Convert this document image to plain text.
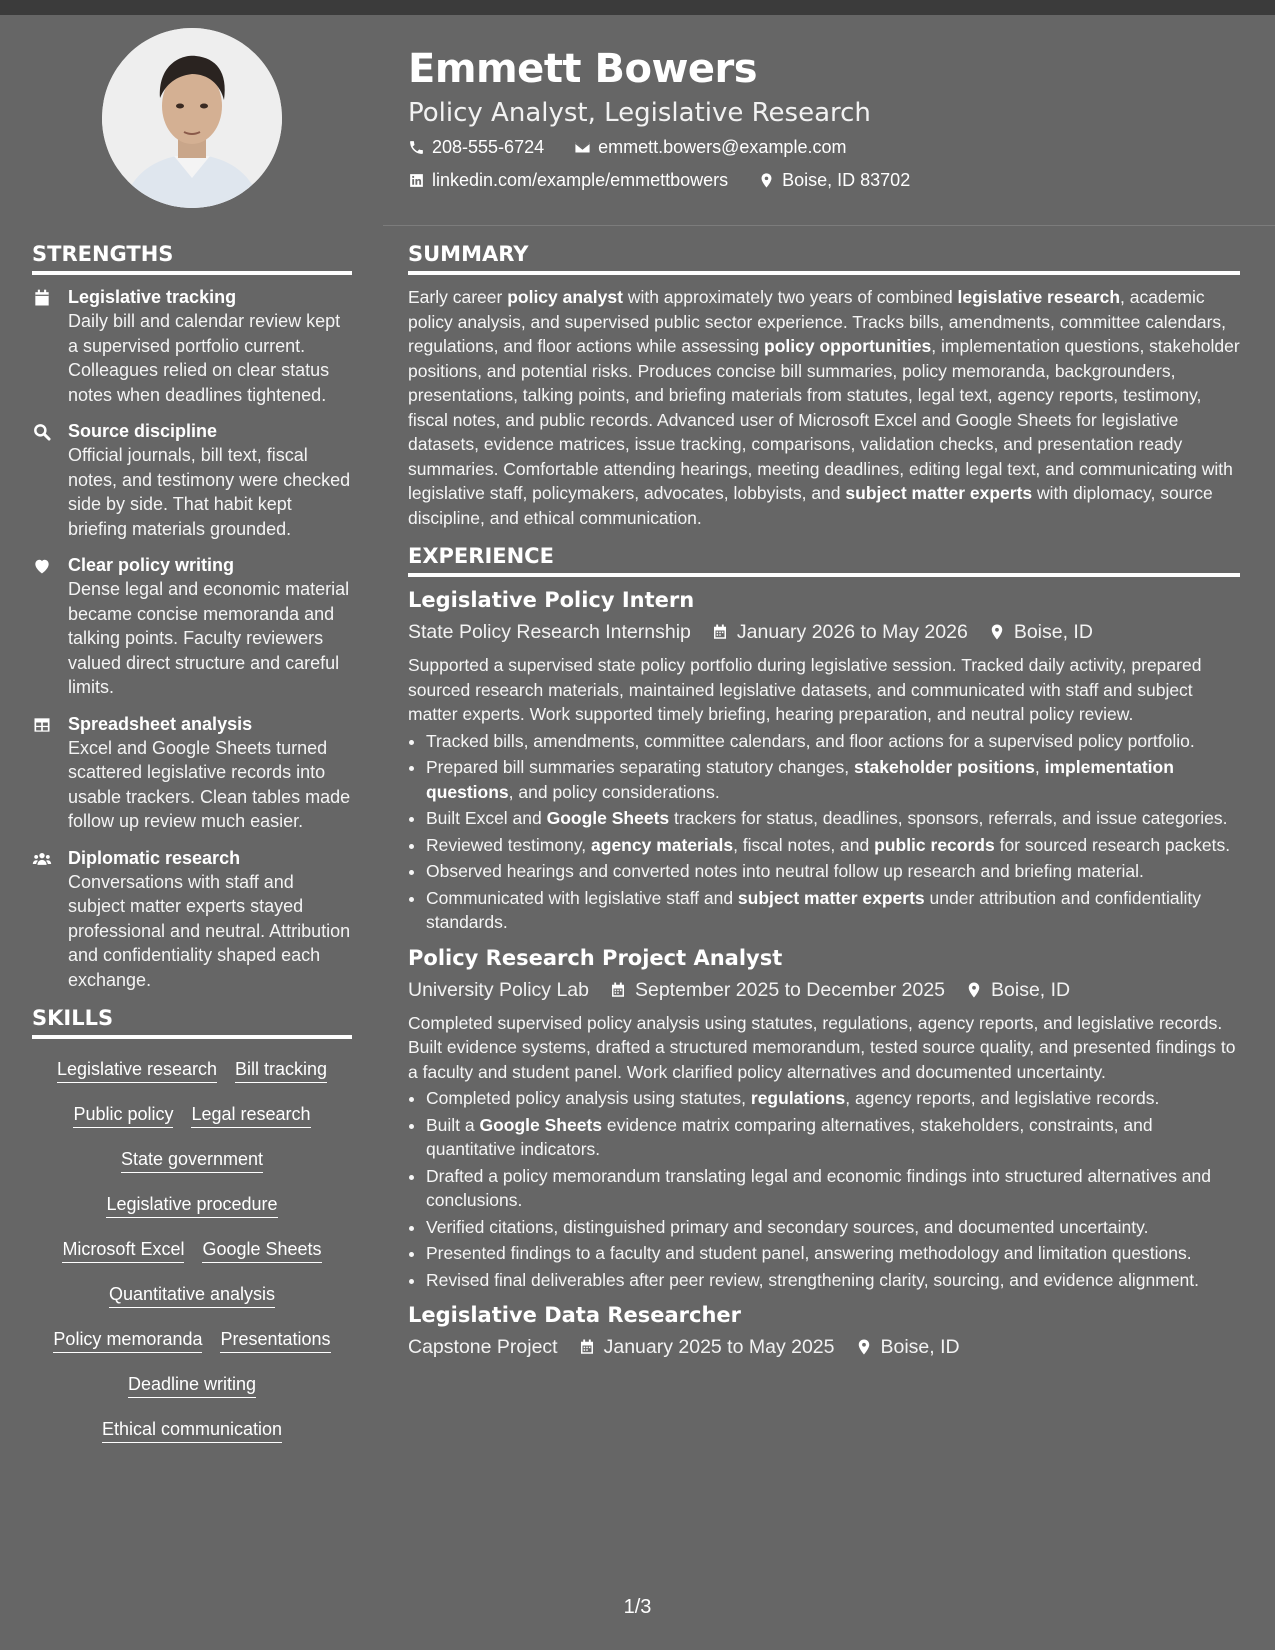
Emmett Bowers
Policy Analyst, Legislative Research
208-555-6724	emmett.bowers@example.com
linkedin.com/example/emmettbowers	Boise, ID 83702
STRENGTHS
Legislative tracking
Daily bill and calendar review kept a supervised portfolio current. Colleagues relied on clear status notes when deadlines tightened.
Source discipline
Official journals, bill text, fiscal notes, and testimony were checked side by side. That habit kept briefing materials grounded.
Clear policy writing
Dense legal and economic material became concise memoranda and talking points. Faculty reviewers valued direct structure and careful limits.
Spreadsheet analysis
Excel and Google Sheets turned scattered legislative records into usable trackers. Clean tables made follow up review much easier.
Diplomatic research
Conversations with staff and subject matter experts stayed professional and neutral. Attribution and confidentiality shaped each exchange.
SKILLS
Legislative research Bill tracking
Public policy Legal research
State government
Legislative procedure
Microsoft Excel Google Sheets
Quantitative analysis
Policy memoranda Presentations
Deadline writing
Ethical communication
SUMMARY
Early career policy analyst with approximately two years of combined legislative research, academic policy analysis, and supervised public sector experience. Tracks bills, amendments, committee calendars, regulations, and floor actions while assessing policy opportunities, implementation questions, stakeholder positions, and potential risks. Produces concise bill summaries, policy memoranda, backgrounders, presentations, talking points, and briefing materials from statutes, legal text, agency reports, testimony, fiscal notes, and public records. Advanced user of Microsoft Excel and Google Sheets for legislative datasets, evidence matrices, issue tracking, comparisons, validation checks, and presentation ready summaries. Comfortable attending hearings, meeting deadlines, editing legal text, and communicating with legislative staff, policymakers, advocates, lobbyists, and subject matter experts with diplomacy, source discipline, and ethical communication.
EXPERIENCE
Legislative Policy Intern
State Policy Research Internship January 2026 to May 2026 Boise, ID
Supported a supervised state policy portfolio during legislative session. Tracked daily activity, prepared sourced research materials, maintained legislative datasets, and communicated with staff and subject matter experts. Work supported timely briefing, hearing preparation, and neutral policy review.
• Tracked bills, amendments, committee calendars, and floor actions for a supervised policy portfolio.
• Prepared bill summaries separating statutory changes, stakeholder positions, implementation questions, and policy considerations.
• Built Excel and Google Sheets trackers for status, deadlines, sponsors, referrals, and issue categories.
• Reviewed testimony, agency materials, fiscal notes, and public records for sourced research packets.
• Observed hearings and converted notes into neutral follow up research and briefing material.
• Communicated with legislative staff and subject matter experts under attribution and confidentiality standards.
Policy Research Project Analyst
University Policy Lab September 2025 to December 2025 Boise, ID
Completed supervised policy analysis using statutes, regulations, agency reports, and legislative records. Built evidence systems, drafted a structured memorandum, tested source quality, and presented findings to a faculty and student panel. Work clarified policy alternatives and documented uncertainty.
• Completed policy analysis using statutes, regulations, agency reports, and legislative records.
• Built a Google Sheets evidence matrix comparing alternatives, stakeholders, constraints, and quantitative indicators.
• Drafted a policy memorandum translating legal and economic findings into structured alternatives and conclusions.
• Verified citations, distinguished primary and secondary sources, and documented uncertainty.
• Presented findings to a faculty and student panel, answering methodology and limitation questions.
• Revised final deliverables after peer review, strengthening clarity, sourcing, and evidence alignment.
Legislative Data Researcher
Capstone Project January 2025 to May 2025 Boise, ID
1/3
